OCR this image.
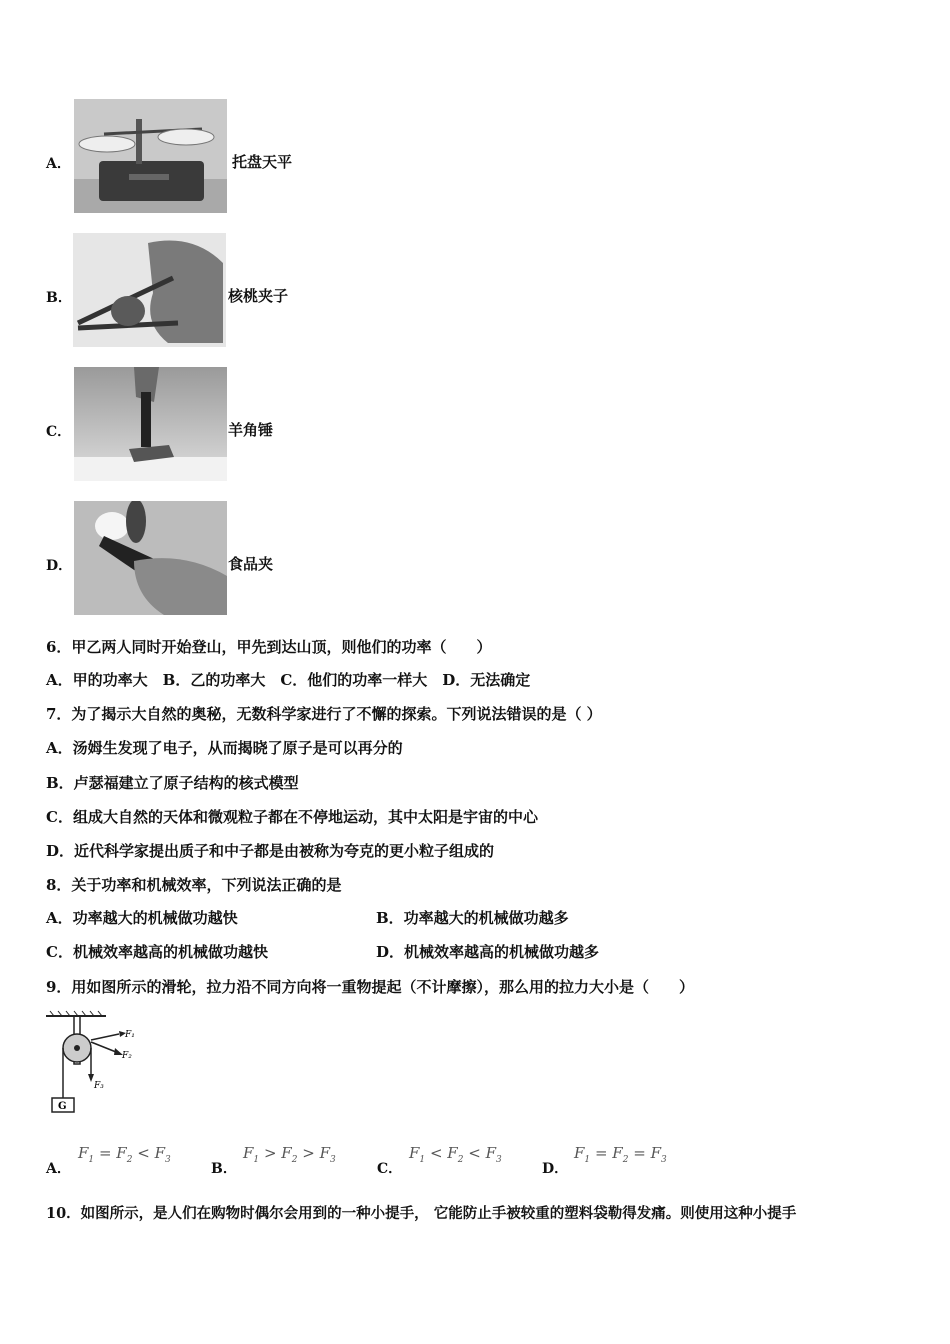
A．	托盘天平
B．	核桃夹子
C．	羊角锤
D．	食品夹
6．甲乙两人同时开始登山，甲先到达山顶，则他们的功率（　　）
A．甲的功率大　B．乙的功率大　C．他们的功率一样大　D．无法确定
7．为了揭示大自然的奥秘，无数科学家进行了不懈的探索。下列说法错误的是（ ）
A．汤姆生发现了电子，从而揭晓了原子是可以再分的
B．卢瑟福建立了原子结构的核式模型
C．组成大自然的天体和微观粒子都在不停地运动，其中太阳是宇宙的中心
D．近代科学家提出质子和中子都是由被称为夸克的更小粒子组成的
8．关于功率和机械效率，下列说法正确的是
A．功率越大的机械做功越快	B．功率越大的机械做功越多
C．机械效率越高的机械做功越快	D．机械效率越高的机械做功越多
9．用如图所示的滑轮，拉力沿不同方向将一重物提起（不计摩擦），那么用的拉力大小是（　　）
F₁
F₂
F₃
G
A．
$F_1 = F_2 < F_3$
B．
$F_1 > F_2 > F_3$
C．
$F_1 < F_2 < F_3$
D．
$F_1 = F_2 = F_3$
10．如图所示，是人们在购物时偶尔会用到的一种小提手， 它能防止手被较重的塑料袋勒得发痛。则使用这种小提手
